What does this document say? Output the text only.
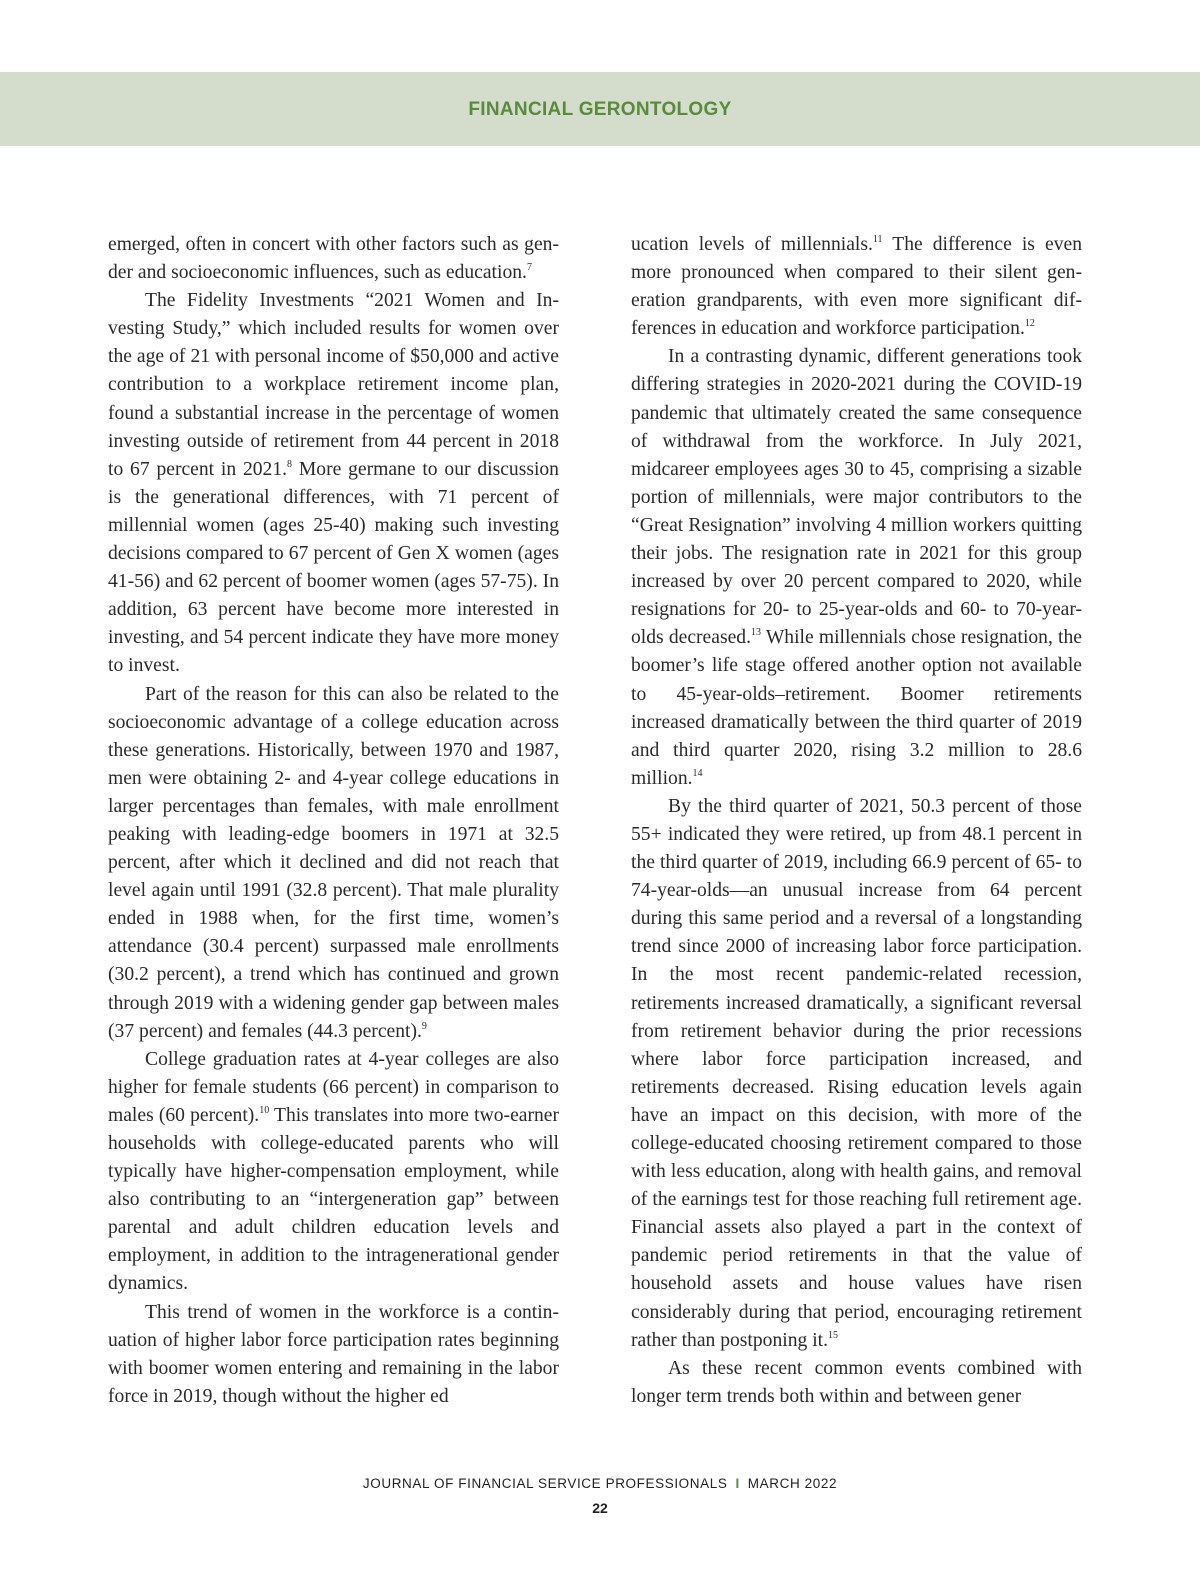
FINANCIAL GERONTOLOGY

emerged, often in concert with other factors such as gender and socioeconomic influences, such as education.$^7$

The Fidelity Investments “2021 Women and Investing Study,” which included results for women over the age of 21 with personal income of $50,000 and active contribution to a workplace retirement income plan, found a substantial increase in the percentage of women investing outside of retirement from 44 percent in 2018 to 67 percent in 2021.$^8$ More germane to our discussion is the generational differences, with 71 percent of millennial women (ages 25-40) making such investing decisions compared to 67 percent of Gen X women (ages 41-56) and 62 percent of boomer women (ages 57-75). In addition, 63 percent have become more interested in investing, and 54 percent indicate they have more money to invest.

Part of the reason for this can also be related to the socioeconomic advantage of a college education across these generations. Historically, between 1970 and 1987, men were obtaining 2- and 4-year college educations in larger percentages than females, with male enrollment peaking with leading-edge boomers in 1971 at 32.5 percent, after which it declined and did not reach that level again until 1991 (32.8 percent). That male plurality ended in 1988 when, for the first time, women’s attendance (30.4 percent) surpassed male enrollments (30.2 percent), a trend which has continued and grown through 2019 with a widening gender gap between males (37 percent) and females (44.3 percent).$^9$

College graduation rates at 4-year colleges are also higher for female students (66 percent) in comparison to males (60 percent).$^{10}$ This translates into more two-earner households with college-educated parents who will typically have higher-compensation employment, while also contributing to an “intergeneration gap” between parental and adult children education levels and employment, in addition to the intragenerational gender dynamics.

This trend of women in the workforce is a continuation of higher labor force participation rates beginning with boomer women entering and remaining in the labor force in 2019, though without the higher ed

ucation levels of millennials.$^{11}$ The difference is even more pronounced when compared to their silent generation grandparents, with even more significant differences in education and workforce participation.$^{12}$

In a contrasting dynamic, different generations took differing strategies in 2020-2021 during the COVID-19 pandemic that ultimately created the same consequence of withdrawal from the workforce. In July 2021, midcareer employees ages 30 to 45, comprising a sizable portion of millennials, were major contributors to the “Great Resignation” involving 4 million workers quitting their jobs. The resignation rate in 2021 for this group increased by over 20 percent compared to 2020, while resignations for 20- to 25-year-olds and 60- to 70-year-olds decreased.$^{13}$ While millennials chose resignation, the boomer’s life stage offered another option not available to 45-year-olds–retirement. Boomer retirements increased dramatically between the third quarter of 2019 and third quarter 2020, rising 3.2 million to 28.6 million.$^{14}$

By the third quarter of 2021, 50.3 percent of those 55+ indicated they were retired, up from 48.1 percent in the third quarter of 2019, including 66.9 percent of 65- to 74-year-olds—an unusual increase from 64 percent during this same period and a reversal of a longstanding trend since 2000 of increasing labor force participation. In the most recent pandemic-related recession, retirements increased dramatically, a significant reversal from retirement behavior during the prior recessions where labor force participation increased, and retirements decreased. Rising education levels again have an impact on this decision, with more of the college-educated choosing retirement compared to those with less education, along with health gains, and removal of the earnings test for those reaching full retirement age. Financial assets also played a part in the context of pandemic period retirements in that the value of household assets and house values have risen considerably during that period, encouraging retirement rather than postponing it.$^{15}$

As these recent common events combined with longer term trends both within and between gener

JOURNAL OF FINANCIAL SERVICE PROFESSIONALS I MARCH 2022
22
